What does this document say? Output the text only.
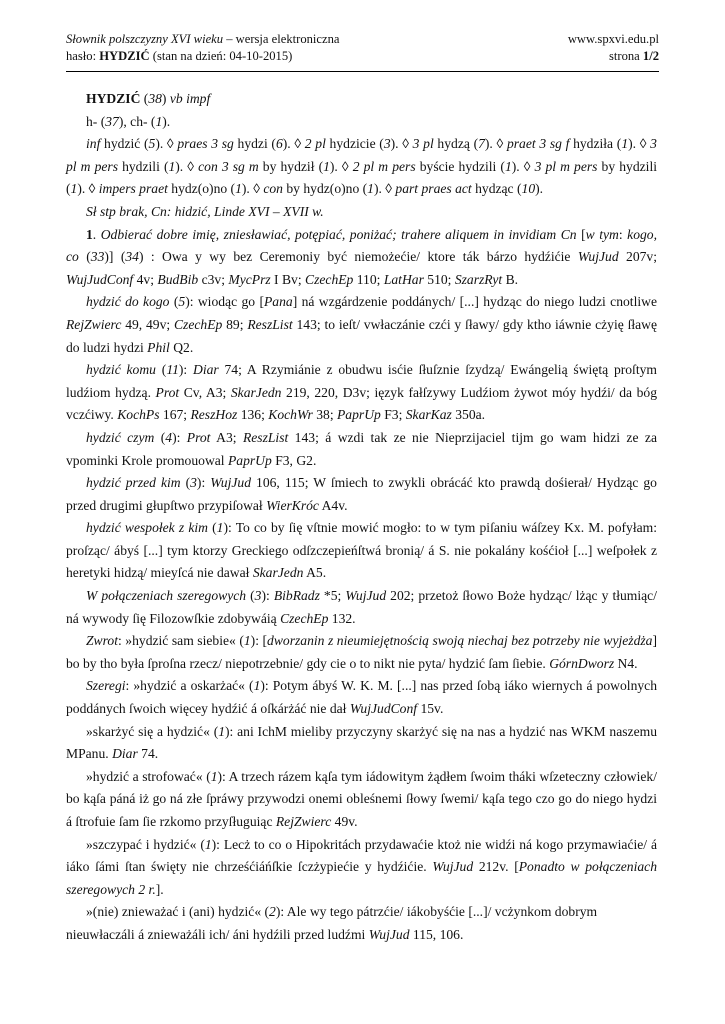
Słownik polszczyzny XVI wieku – wersja elektroniczna
hasło: HYDZIĆ (stan na dzień: 04-10-2015)
www.spxvi.edu.pl
strona 1/2

HYDZIĆ (38) vb impf

h- (37), ch- (1).

inf hydzić (5). ◊ praes 3 sg hydzi (6). ◊ 2 pl hydzicie (3). ◊ 3 pl hydzą (7). ◊ praet 3 sg f hydziła (1). ◊ 3 pl m pers hydzili (1). ◊ con 3 sg m by hydził (1). ◊ 2 pl m pers byście hydzili (1). ◊ 3 pl m pers by hydzili (1). ◊ impers praet hydz(o)no (1). ◊ con by hydz(o)no (1). ◊ part praes act hydząc (10).

Sł stp brak, Cn: hidzić, Linde XVI – XVII w.

1. Odbierać dobre imię, zniesławiać, potępiać, poniżać; trahere aliquem in invidiam Cn [w tym: kogo, co (33)] (34) : Owa y wy bez Ceremoniy być niemożećie/ ktore ták bárzo hydźićie WujJud 207v; WujJudConf 4v; BudBib c3v; MycPrz I Bv; CzechEp 110; LatHar 510; SzarzRyt B.

hydzić do kogo (5): wiodąc go [Pana] ná wzgárdzenie poddánych/ [...] hydząc do niego ludzi cnotliwe RejZwierc 49, 49v; CzechEp 89; ReszList 143; to ieſt/ vwłaczánie czći y ſławy/ gdy ktho iáwnie cżyię ſławę do ludzi hydzi Phil Q2.

hydzić komu (11): Diar 74; A Rzymiánie z obudwu isćie ſłuſznie ſzydzą/ Ewángelią świętą proſtym ludźiom hydzą. Prot Cv, A3; SkarJedn 219, 220, D3v; ięzyk fałſzywy Ludźiom żywot móy hydźi/ da bóg vczćiwy. KochPs 167; ReszHoz 136; KochWr 38; PaprUp F3; SkarKaz 350a.

hydzić czym (4): Prot A3; ReszList 143; á wzdi tak ze nie Nieprzijaciel tijm go wam hidzi ze za vpominki Krole promouowal PaprUp F3, G2.

hydzić przed kim (3): WujJud 106, 115; W ſmiech to zwykli obrácáć kto prawdą dośierał/ Hydząc go przed drugimi głupſtwo przypiſował WierKróc A4v.

hydzić wespołek z kim (1): To co by ſię vſtnie mowić mogło: to w tym piſaniu wáſzey Kx. M. pofyłam: proſząc/ ábyś [...] tym ktorzy Greckiego odſzczepieńſtwá bronią/ á S. nie pokalány kośćioł [...] weſpołek z heretyki hidzą/ mieyſcá nie dawał SkarJedn A5.

W połączeniach szeregowych (3): BibRadz *5; WujJud 202; przetoż ſłowo Boże hydząc/ lżąc y tłumiąc/ ná wywody ſię Filozowſkie zdobywáią CzechEp 132.

Zwrot: »hydzić sam siebie« (1): [dworzanin z nieumiejętnością swoją niechaj bez potrzeby nie wyjeżdża] bo by tho była ſproſna rzecz/ niepotrzebnie/ gdy cie o to nikt nie pyta/ hydzić ſam ſiebie. GórnDworz N4.

Szeregi: »hydzić a oskarżać« (1): Potym ábyś W. K. M. [...] nas przed ſobą iáko wiernych á powolnych poddánych ſwoich więcey hydźić á oſkárżáć nie dał WujJudConf 15v.

»skarżyć się a hydzić« (1): ani IchM mieliby przyczyny skarżyć się na nas a hydzić nas WKM naszemu MPanu. Diar 74.

»hydzić a strofować« (1): A trzech rázem kąſa tym iádowitym żądłem ſwoim tháki wſzeteczny człowiek/ bo kąſa páná iż go ná złe ſpráwy przywodzi onemi obleśnemi ſłowy ſwemi/ kąſa tego czo go do niego hydzi á ſtrofuie ſam ſie rzkomo przyſługuiąc RejZwierc 49v.

»szczypać i hydzić« (1): Lecż to co o Hipokritách przydawaćie ktoż nie widźi ná kogo przymawiaćie/ á iáko ſámi ſtan święty nie chrześćiáńſkie ſczżypiećie y hydźićie. WujJud 212v. [Ponadto w połączeniach szeregowych 2 r.].

»(nie) znieważać i (ani) hydzić« (2): Ale wy tego pátrzćie/ iákobyśćie [...]/ vcżynkom dobrym nieuwłaczáli á znieważáli ich/ áni hydźili przed ludźmi WujJud 115, 106.
